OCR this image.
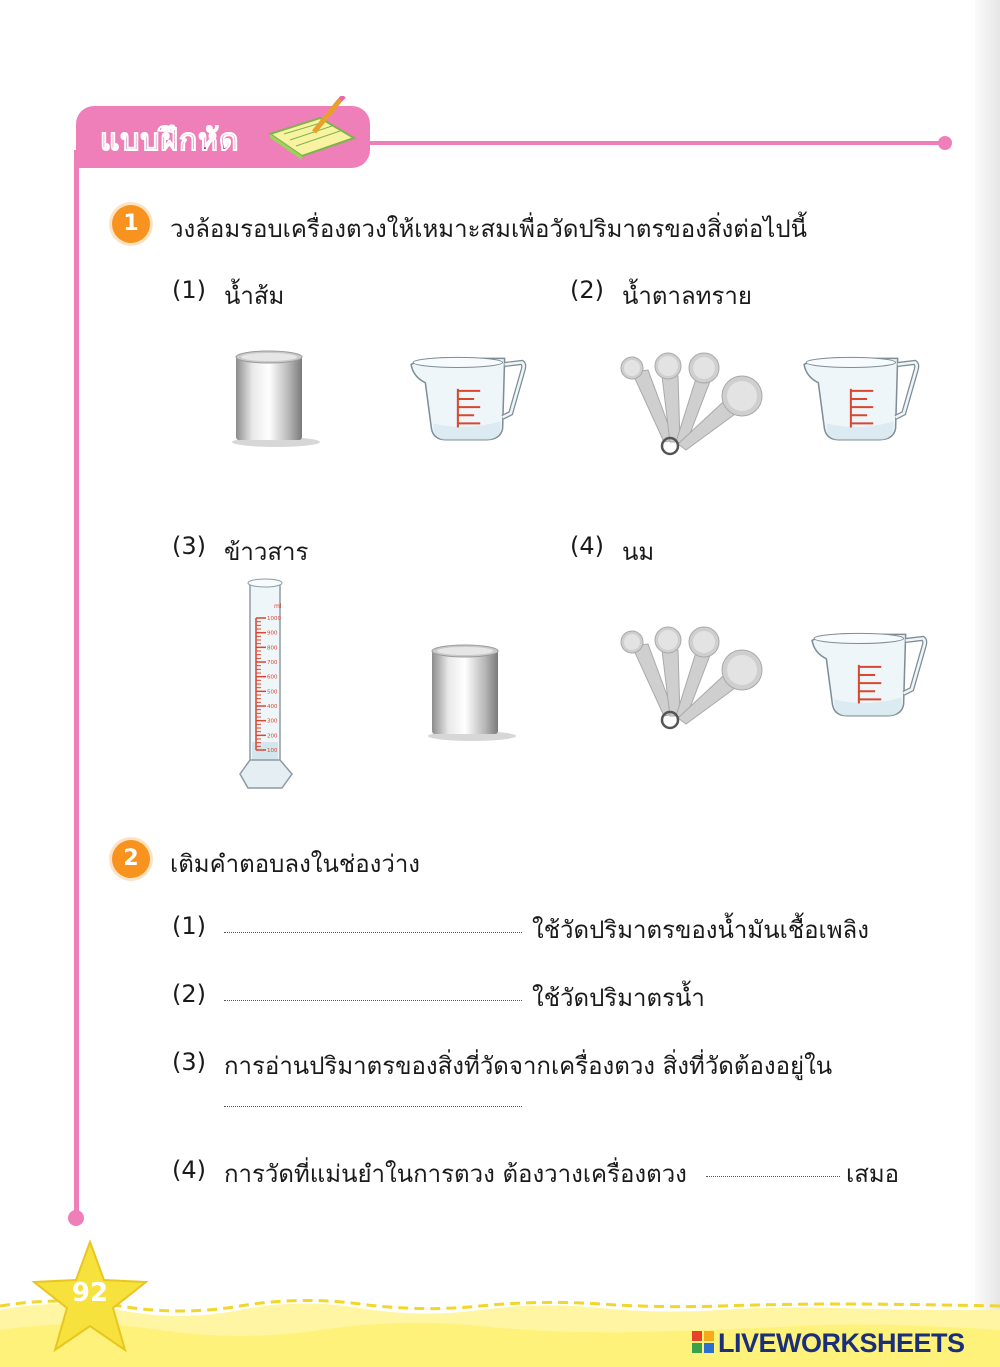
แบบฝึกหัด
1	วงล้อมรอบเครื่องตวงให้เหมาะสมเพื่อวัดปริมาตรของสิ่งต่อไปนี้
(1) น้ำส้ม	(2) น้ำตาลทราย
(3) ข้าวสาร	(4) นม
1000
900
800
700
600
500
400
300
200
100
ml
2	เติมคำตอบลงในช่องว่าง
(1)	ใช้วัดปริมาตรของน้ำมันเชื้อเพลิง
(2)	ใช้วัดปริมาตรน้ำ
(3) การอ่านปริมาตรของสิ่งที่วัดจากเครื่องตวง สิ่งที่วัดต้องอยู่ใน
(4) การวัดที่แม่นยำในการตวง ต้องวางเครื่องตวง	เสมอ
92
LIVEWORKSHEETS
